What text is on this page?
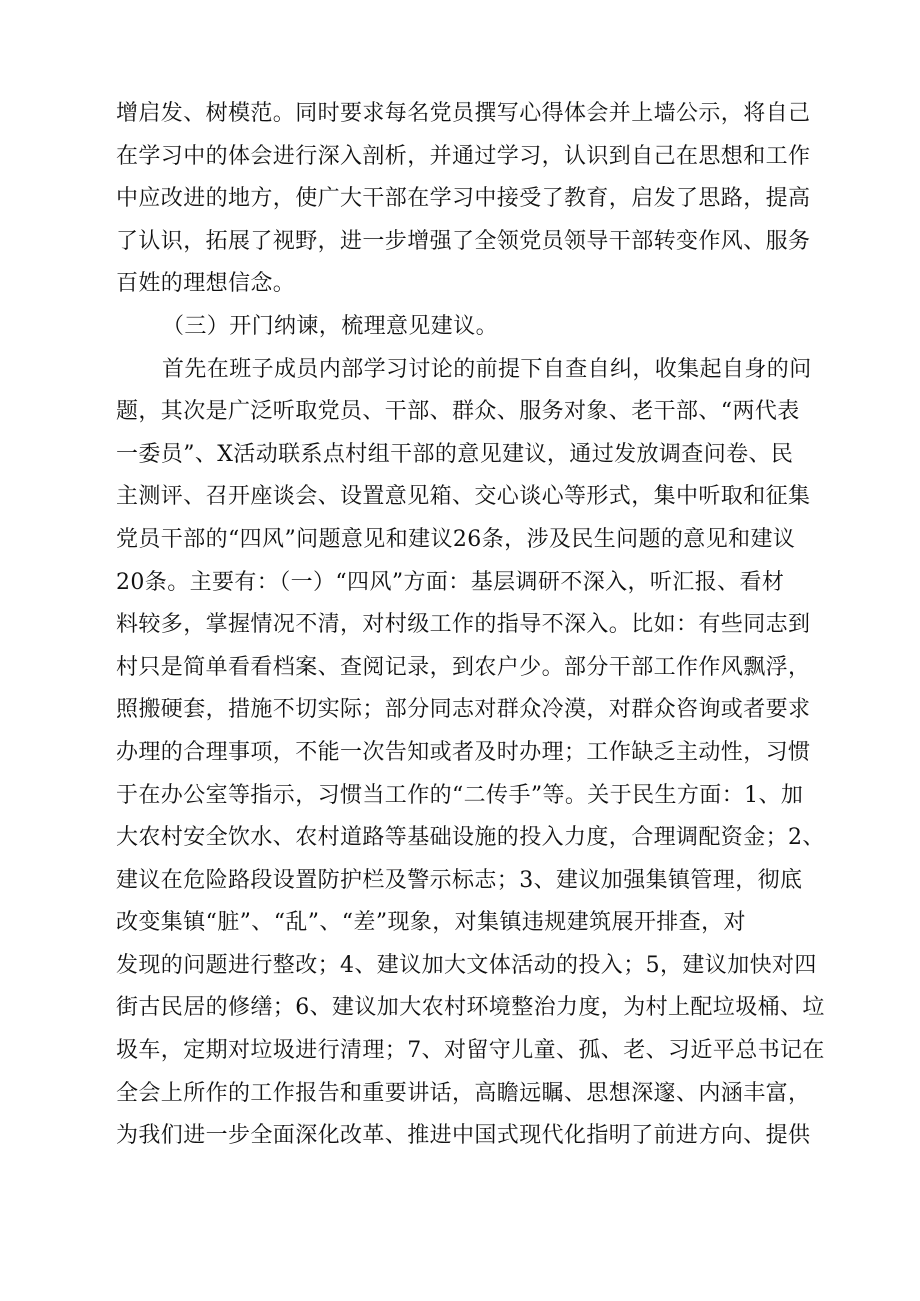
增启发、树模范。同时要求每名党员撰写心得体会并上墙公示，将自己
在学习中的体会进行深入剖析，并通过学习，认识到自己在思想和工作
中应改进的地方，使广大干部在学习中接受了教育，启发了思路，提高
了认识，拓展了视野，进一步增强了全领党员领导干部转变作风、服务
百姓的理想信念。
（三）开门纳谏，梳理意见建议。
首先在班子成员内部学习讨论的前提下自查自纠，收集起自身的问
题，其次是广泛听取党员、干部、群众、服务对象、老干部、“两代表
一委员”、X活动联系点村组干部的意见建议，通过发放调查问卷、民
主测评、召开座谈会、设置意见箱、交心谈心等形式，集中听取和征集
党员干部的“四风”问题意见和建议26条，涉及民生问题的意见和建议
20条。主要有：（一）“四风”方面：基层调研不深入，听汇报、看材
料较多，掌握情况不清，对村级工作的指导不深入。比如：有些同志到
村只是简单看看档案、查阅记录，到农户少。部分干部工作作风飘浮，
照搬硬套，措施不切实际；部分同志对群众冷漠，对群众咨询或者要求
办理的合理事项，不能一次告知或者及时办理；工作缺乏主动性，习惯
于在办公室等指示，习惯当工作的“二传手”等。关于民生方面：1、加
大农村安全饮水、农村道路等基础设施的投入力度，合理调配资金；2、
建议在危险路段设置防护栏及警示标志；3、建议加强集镇管理，彻底
改变集镇“脏”、“乱”、“差”现象，对集镇违规建筑展开排查，对
发现的问题进行整改；4、建议加大文体活动的投入；5，建议加快对四
街古民居的修缮；6、建议加大农村环境整治力度，为村上配垃圾桶、垃
圾车，定期对垃圾进行清理；7、对留守儿童、孤、老、习近平总书记在
全会上所作的工作报告和重要讲话，高瞻远瞩、思想深邃、内涵丰富，
为我们进一步全面深化改革、推进中国式现代化指明了前进方向、提供
